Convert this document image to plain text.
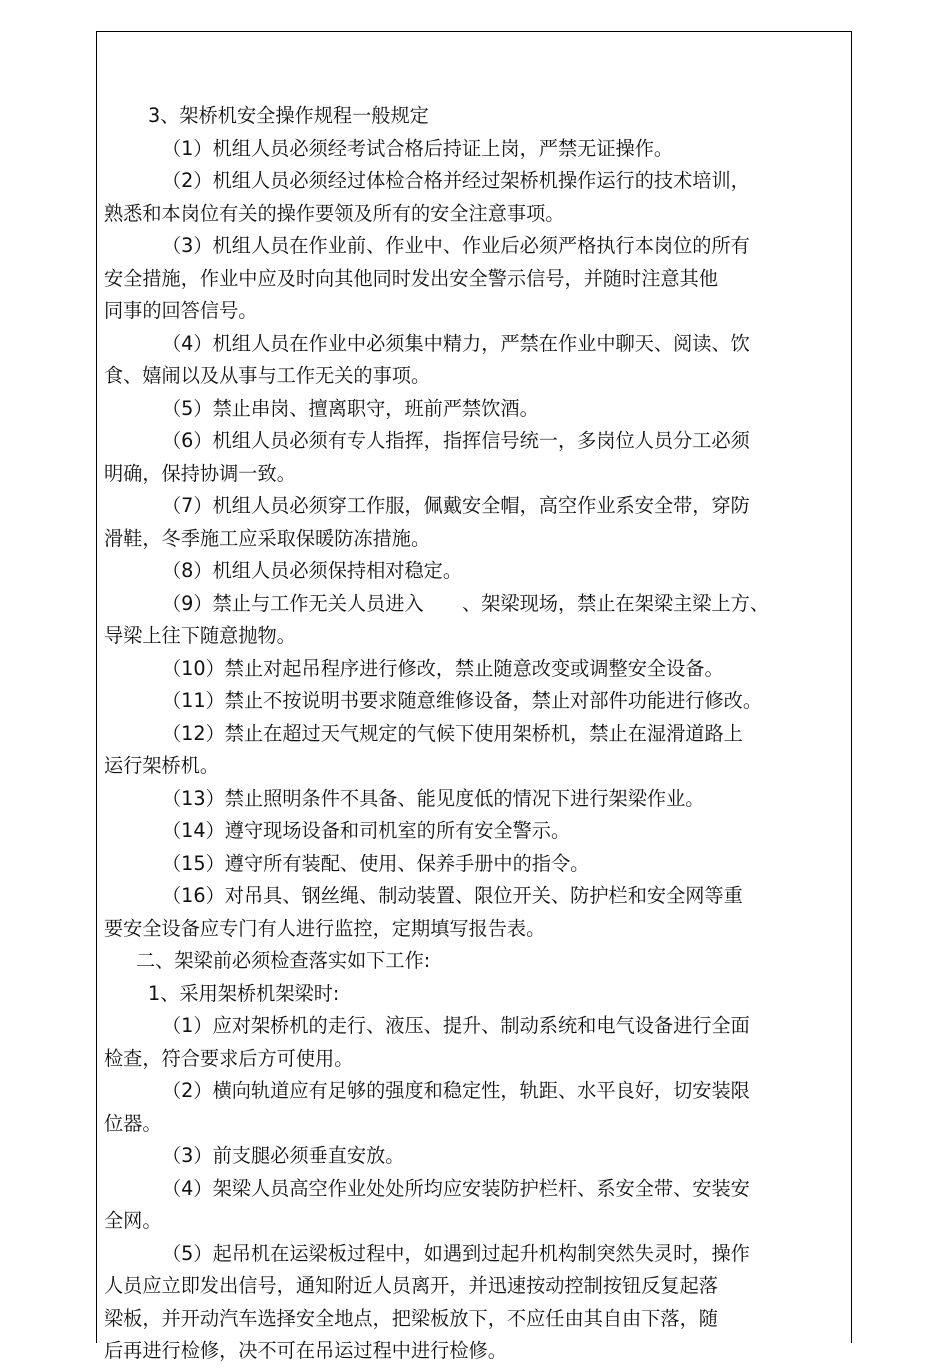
3、架桥机安全操作规程一般规定
（1）机组人员必须经考试合格后持证上岗，严禁无证操作。
（2）机组人员必须经过体检合格并经过架桥机操作运行的技术培训，
熟悉和本岗位有关的操作要领及所有的安全注意事项。
（3）机组人员在作业前、作业中、作业后必须严格执行本岗位的所有
安全措施，作业中应及时向其他同时发出安全警示信号，并随时注意其他
同事的回答信号。
（4）机组人员在作业中必须集中精力，严禁在作业中聊天、阅读、饮
食、嬉闹以及从事与工作无关的事项。
（5）禁止串岗、擅离职守，班前严禁饮酒。
（6）机组人员必须有专人指挥，指挥信号统一，多岗位人员分工必须
明确，保持协调一致。
（7）机组人员必须穿工作服，佩戴安全帽，高空作业系安全带，穿防
滑鞋，冬季施工应采取保暖防冻措施。
（8）机组人员必须保持相对稳定。
（9）禁止与工作无关人员进入　　、架梁现场，禁止在架梁主梁上方、
导梁上往下随意抛物。
（10）禁止对起吊程序进行修改，禁止随意改变或调整安全设备。
（11）禁止不按说明书要求随意维修设备，禁止对部件功能进行修改。
（12）禁止在超过天气规定的气候下使用架桥机，禁止在湿滑道路上
运行架桥机。
（13）禁止照明条件不具备、能见度低的情况下进行架梁作业。
（14）遵守现场设备和司机室的所有安全警示。
（15）遵守所有装配、使用、保养手册中的指令。
（16）对吊具、钢丝绳、制动装置、限位开关、防护栏和安全网等重
要安全设备应专门有人进行监控，定期填写报告表。
二、架梁前必须检查落实如下工作:
1、采用架桥机架梁时:
（1）应对架桥机的走行、液压、提升、制动系统和电气设备进行全面
检查，符合要求后方可使用。
（2）横向轨道应有足够的强度和稳定性，轨距、水平良好，切安装限
位器。
（3）前支腿必须垂直安放。
（4）架梁人员高空作业处处所均应安装防护栏杆、系安全带、安装安
全网。
（5）起吊机在运梁板过程中，如遇到过起升机构制突然失灵时，操作
人员应立即发出信号，通知附近人员离开，并迅速按动控制按钮反复起落
梁板，并开动汽车选择安全地点，把梁板放下，不应任由其自由下落，随
后再进行检修，决不可在吊运过程中进行检修。
